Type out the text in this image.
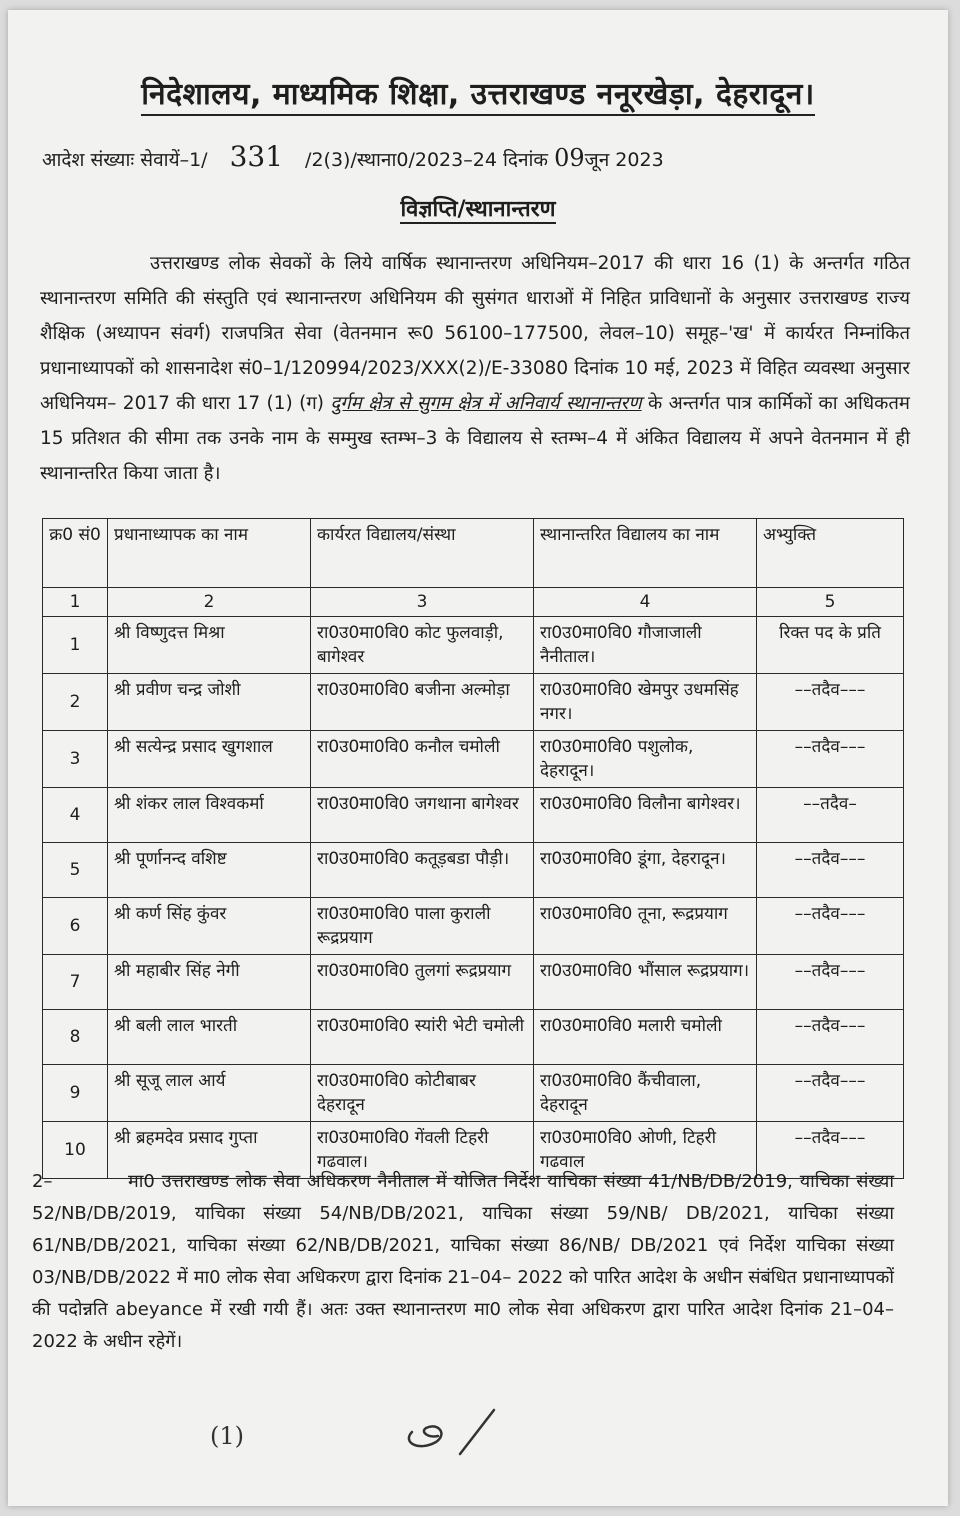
निदेशालय, माध्यमिक शिक्षा, उत्तराखण्ड ननूरखेड़ा, देहरादून।
आदेश संख्याः सेवायें–1/ 331 /2(3)/स्थाना0/2023–24 दिनांक 09जून 2023
विज्ञप्ति/स्थानान्तरण
उत्तराखण्ड लोक सेवकों के लिये वार्षिक स्थानान्तरण अधिनियम–2017 की धारा 16 (1) के अन्तर्गत गठित स्थानान्तरण समिति की संस्तुति एवं स्थानान्तरण अधिनियम की सुसंगत धाराओं में निहित प्राविधानों के अनुसार उत्तराखण्ड राज्य शैक्षिक (अध्यापन संवर्ग) राजपत्रित सेवा (वेतनमान रू0 56100–177500, लेवल–10) समूह–'ख' में कार्यरत निम्नांकित प्रधानाध्यापकों को शासनादेश सं0–1/120994/2023/XXX(2)/E-33080 दिनांक 10 मई, 2023 में विहित व्यवस्था अनुसार अधिनियम– 2017 की धारा 17 (1) (ग) दुर्गम क्षेत्र से सुगम क्षेत्र में अनिवार्य स्थानान्तरण के अन्तर्गत पात्र कार्मिकों का अधिकतम 15 प्रतिशत की सीमा तक उनके नाम के सम्मुख स्तम्भ–3 के विद्यालय से स्तम्भ–4 में अंकित विद्यालय में अपने वेतनमान में ही स्थानान्तरित किया जाता है।
क्र0 सं0	प्रधानाध्यापक का नाम	कार्यरत विद्यालय/संस्था	स्थानान्तरित विद्यालय का नाम	अभ्युक्ति
1	2	3	4	5
1	श्री विष्णुदत्त मिश्रा	रा0उ0मा0वि0 कोट फुलवाड़ी, बागेश्वर	रा0उ0मा0वि0 गौजाजाली नैनीताल।	रिक्त पद के प्रति
2	श्री प्रवीण चन्द्र जोशी	रा0उ0मा0वि0 बजीना अल्मोड़ा	रा0उ0मा0वि0 खेमपुर उधमसिंह नगर।	––तदैव–––
3	श्री सत्येन्द्र प्रसाद खुगशाल	रा0उ0मा0वि0 कनौल चमोली	रा0उ0मा0वि0 पशुलोक, देहरादून।	––तदैव–––
4	श्री शंकर लाल विश्वकर्मा	रा0उ0मा0वि0 जगथाना बागेश्वर	रा0उ0मा0वि0 विलौना बागेश्वर।	––तदैव–
5	श्री पूर्णानन्द वशिष्ट	रा0उ0मा0वि0 कतूड़बडा पौड़ी।	रा0उ0मा0वि0 डूंगा, देहरादून।	––तदैव–––
6	श्री कर्ण सिंह कुंवर	रा0उ0मा0वि0 पाला कुराली रूद्रप्रयाग	रा0उ0मा0वि0 तूना, रूद्रप्रयाग	––तदैव–––
7	श्री महाबीर सिंह नेगी	रा0उ0मा0वि0 तुलगां रूद्रप्रयाग	रा0उ0मा0वि0 भौंसाल रूद्रप्रयाग।	––तदैव–––
8	श्री बली लाल भारती	रा0उ0मा0वि0 स्यांरी भेटी चमोली	रा0उ0मा0वि0 मलारी चमोली	––तदैव–––
9	श्री सूजू लाल आर्य	रा0उ0मा0वि0 कोटीबाबर देहरादून	रा0उ0मा0वि0 कैंचीवाला, देहरादून	––तदैव–––
10	श्री ब्रहमदेव प्रसाद गुप्ता	रा0उ0मा0वि0 गेंवली टिहरी गढवाल।	रा0उ0मा0वि0 ओणी, टिहरी गढवाल	––तदैव–––
2–	मा0 उत्तराखण्ड लोक सेवा अधिकरण नैनीताल में योजित निर्देश याचिका संख्या 41/NB/DB/2019, याचिका संख्या 52/NB/DB/2019, याचिका संख्या 54/NB/DB/2021, याचिका संख्या 59/NB/ DB/2021, याचिका संख्या 61/NB/DB/2021, याचिका संख्या 62/NB/DB/2021, याचिका संख्या 86/NB/ DB/2021 एवं निर्देश याचिका संख्या 03/NB/DB/2022 में मा0 लोक सेवा अधिकरण द्वारा दिनांक 21–04– 2022 को पारित आदेश के अधीन संबंधित प्रधानाध्यापकों की पदोन्नति abeyance में रखी गयी हैं। अतः उक्त स्थानान्तरण मा0 लोक सेवा अधिकरण द्वारा पारित आदेश दिनांक 21–04–2022 के अधीन रहेगें।
(1)
